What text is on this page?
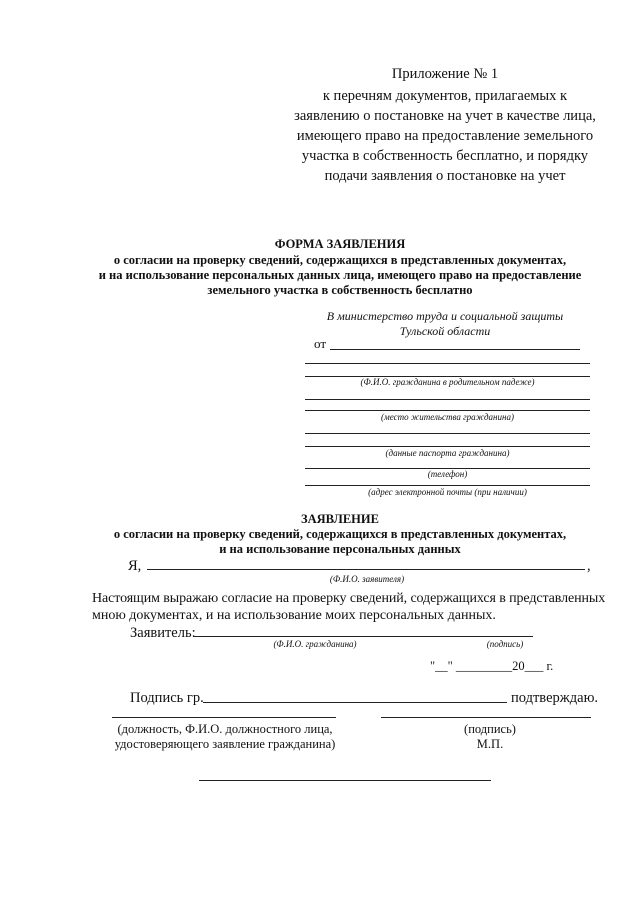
Приложение № 1
к перечням документов, прилагаемых к
заявлению о постановке на учет в качестве лица,
имеющего право на предоставление земельного
участка в собственность бесплатно, и порядку
подачи заявления о постановке на учет
ФОРМА ЗАЯВЛЕНИЯ
о согласии на проверку сведений, содержащихся в представленных документах,
и на использование персональных данных лица, имеющего право на предоставление
земельного участка в собственность бесплатно
В министерство труда и социальной защиты
Тульской области
от
(Ф.И.О. гражданина в родительном падеже)
(место жительства гражданина)
(данные паспорта гражданина)
(телефон)
(адрес электронной почты (при наличии)
ЗАЯВЛЕНИЕ
о согласии на проверку сведений, содержащихся в представленных документах,
и на использование персональных данных
Я,	,
(Ф.И.О. заявителя)
Настоящим выражаю согласие на проверку сведений, содержащихся в представленных
мною документах, и на использование моих персональных данных.
Заявитель:
(Ф.И.О. гражданина)	(подпись)
"__" _________20___ г.
Подпись гр.	подтверждаю.
(должность, Ф.И.О. должностного лица,
удостоверяющего заявление гражданина)
(подпись)
М.П.
